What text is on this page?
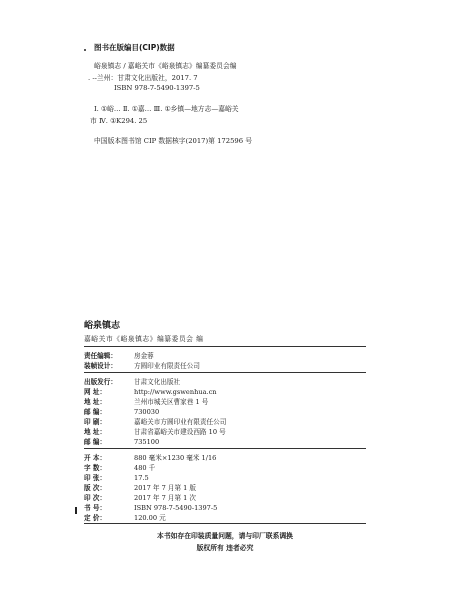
图书在版编目(CIP)数据
峪泉镇志 / 嘉峪关市《峪泉镇志》编纂委员会编
. --兰州：甘肃文化出版社，2017. 7
ISBN 978-7-5490-1397-5
Ⅰ. ①峪… Ⅱ. ①嘉… Ⅲ. ①乡镇—地方志—嘉峪关
市 Ⅳ. ①K294. 25
中国版本图书馆 CIP 数据核字(2017)第 172596 号
峪泉镇志
嘉峪关市《峪泉镇志》编纂委员会 编
责任编辑：	房金蓉
装帧设计：	方圆印业有限责任公司
出版发行：	甘肃文化出版社
网 址：	http://www.gswenhua.cn
地 址：	兰州市城关区曹家巷 1 号
邮 编：	730030
印 刷：	嘉峪关市方圆印业有限责任公司
地 址：	甘肃省嘉峪关市建设西路 10 号
邮 编：	735100
开 本：	880 毫米×1230 毫米 1/16
字 数：	480 千
印 张：	17.5
版 次：	2017 年 7 月第 1 版
印 次：	2017 年 7 月第 1 次
书 号：	ISBN 978-7-5490-1397-5
定 价：	120.00 元
本书如存在印装质量问题，请与印厂联系调换
版权所有 违者必究
